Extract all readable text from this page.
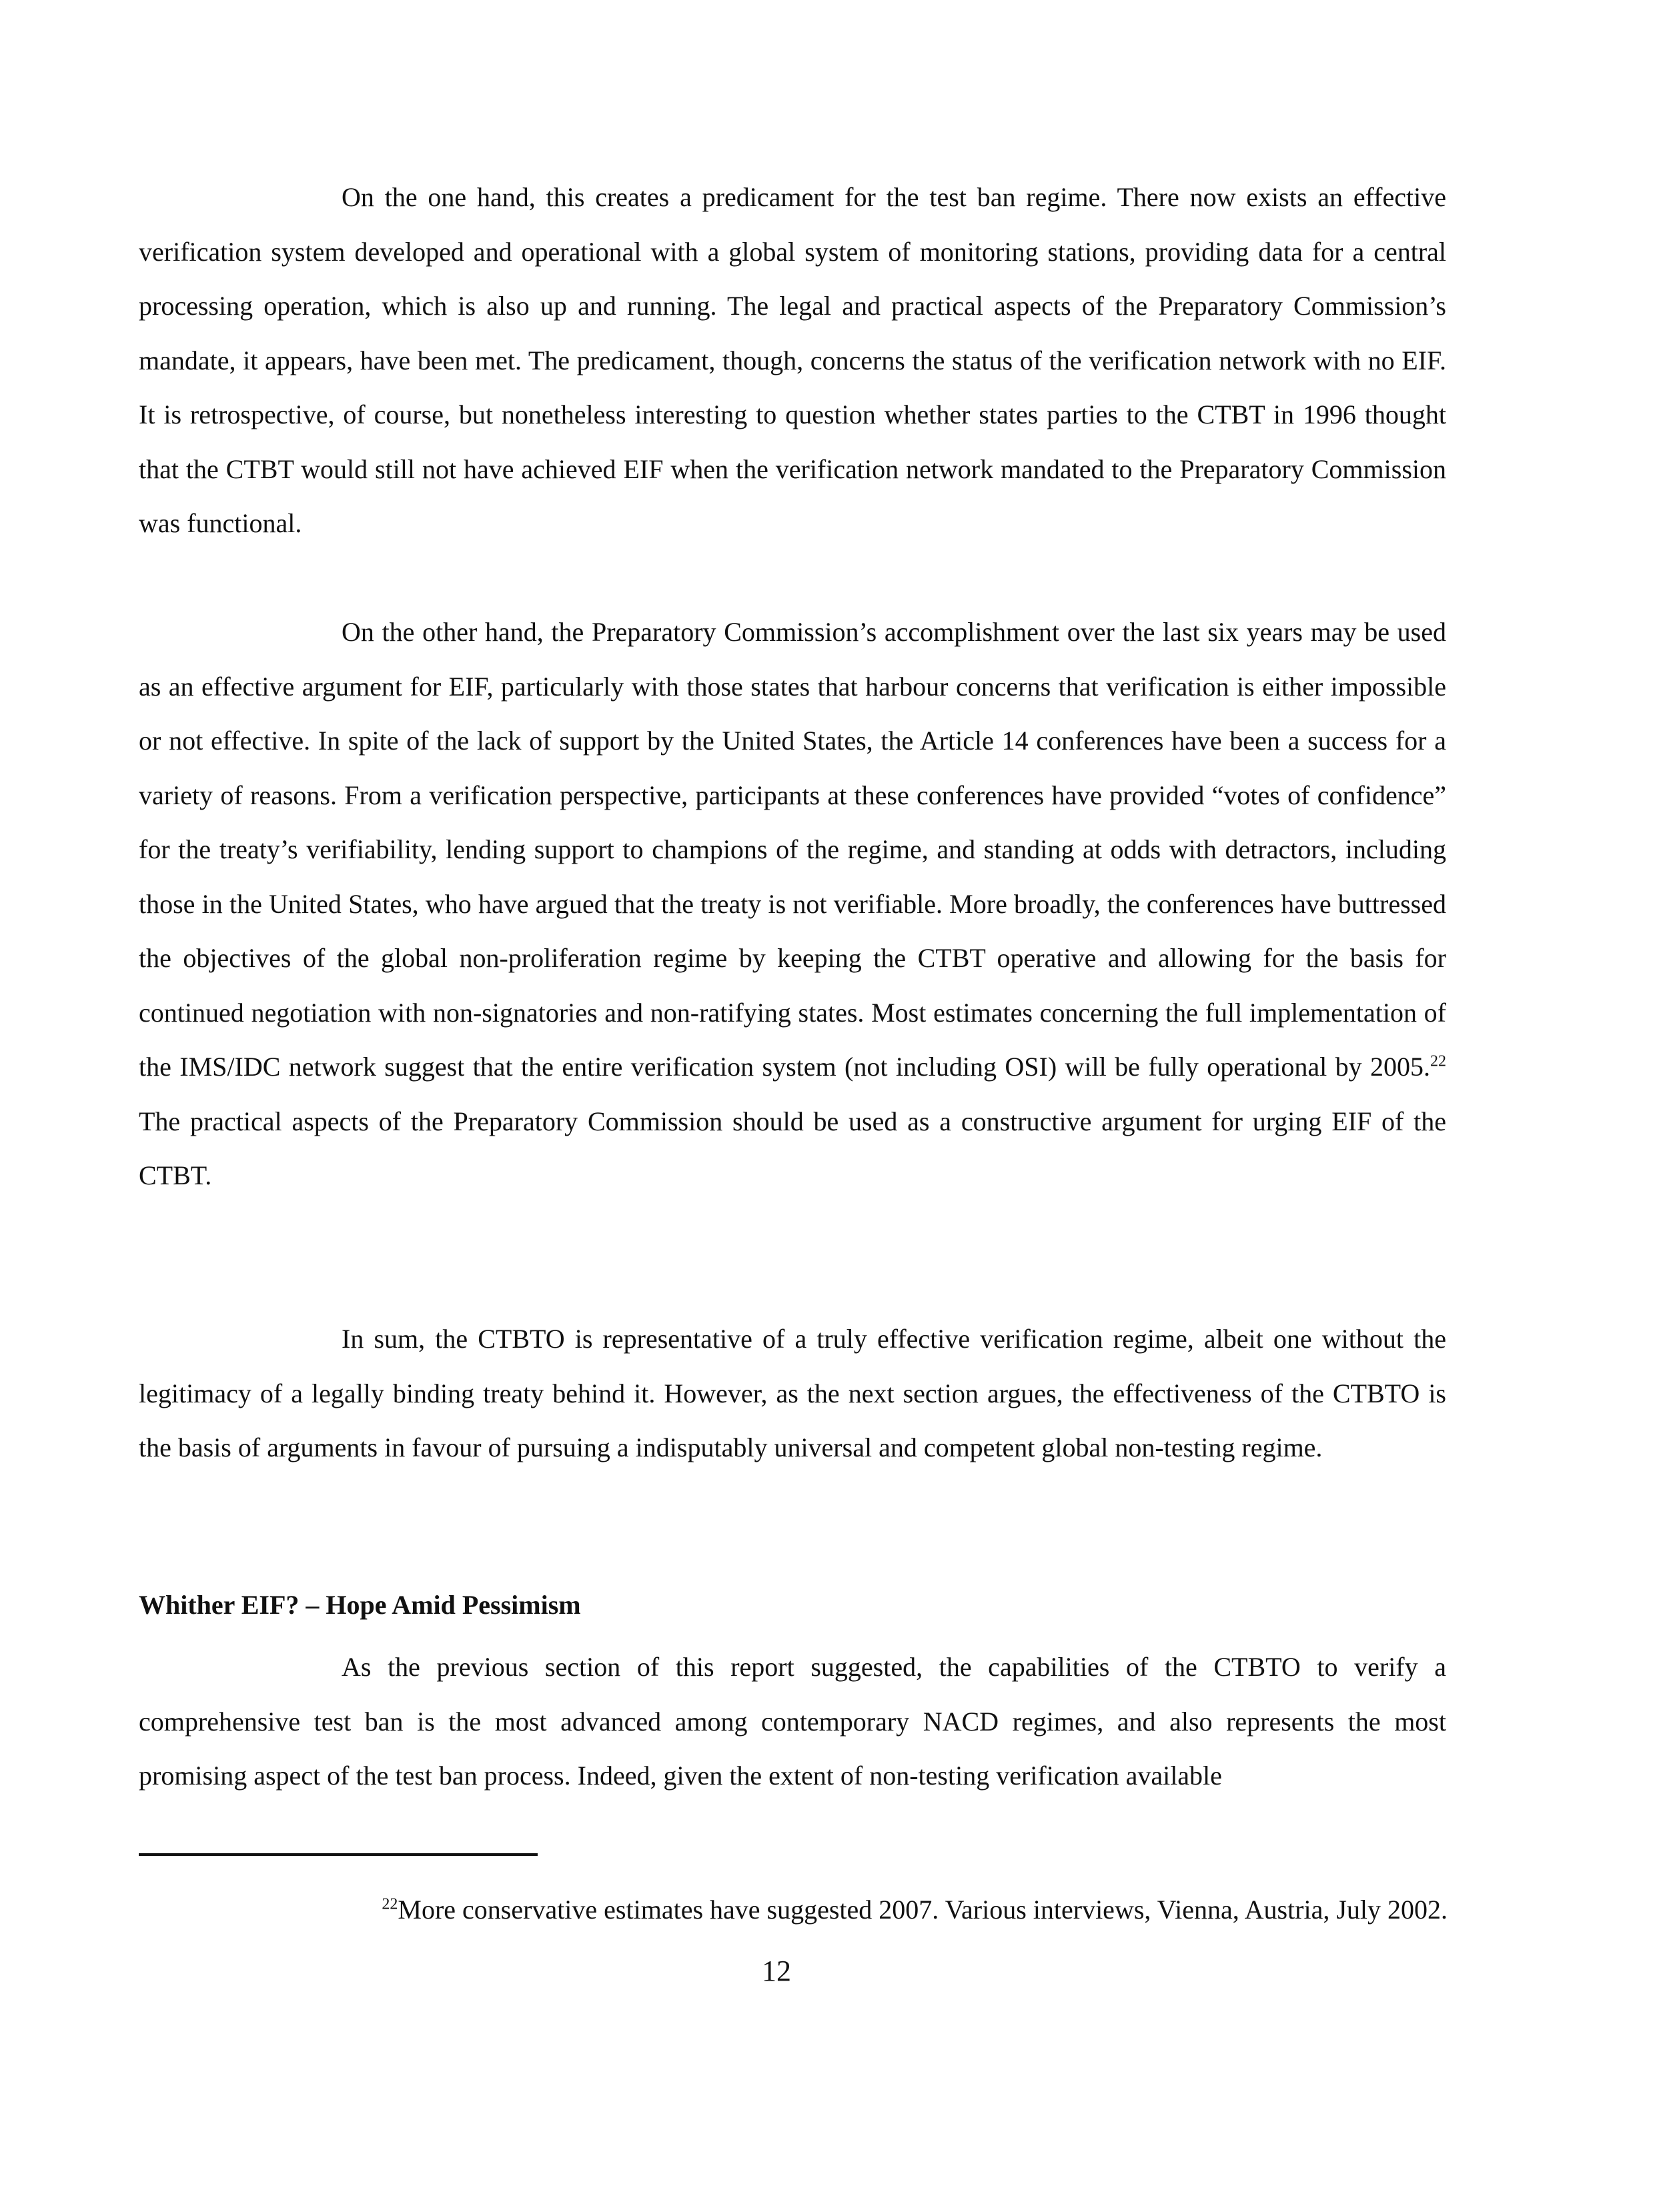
On the one hand, this creates a predicament for the test ban regime. There now exists an effective verification system developed and operational with a global system of monitoring stations, providing data for a central processing operation, which is also up and running. The legal and practical aspects of the Preparatory Commission’s mandate, it appears, have been met. The predicament, though, concerns the status of the verification network with no EIF. It is retrospective, of course, but nonetheless interesting to question whether states parties to the CTBT in 1996 thought that the CTBT would still not have achieved EIF when the verification network mandated to the Preparatory Commission was functional.

On the other hand, the Preparatory Commission’s accomplishment over the last six years may be used as an effective argument for EIF, particularly with those states that harbour concerns that verification is either impossible or not effective. In spite of the lack of support by the United States, the Article 14 conferences have been a success for a variety of reasons. From a verification perspective, participants at these conferences have provided “votes of confidence” for the treaty’s verifiability, lending support to champions of the regime, and standing at odds with detractors, including those in the United States, who have argued that the treaty is not verifiable. More broadly, the conferences have buttressed the objectives of the global non-proliferation regime by keeping the CTBT operative and allowing for the basis for continued negotiation with non-signatories and non-ratifying states. Most estimates concerning the full implementation of the IMS/IDC network suggest that the entire verification system (not including OSI) will be fully operational by 2005.22 The practical aspects of the Preparatory Commission should be used as a constructive argument for urging EIF of the CTBT.

In sum, the CTBTO is representative of a truly effective verification regime, albeit one without the legitimacy of a legally binding treaty behind it. However, as the next section argues, the effectiveness of the CTBTO is the basis of arguments in favour of pursuing a indisputably universal and competent global non-testing regime.

Whither EIF? – Hope Amid Pessimism

As the previous section of this report suggested, the capabilities of the CTBTO to verify a comprehensive test ban is the most advanced among contemporary NACD regimes, and also represents the most promising aspect of the test ban process. Indeed, given the extent of non-testing verification available

$^{22}$More conservative estimates have suggested 2007. Various interviews, Vienna, Austria, July 2002.

12
